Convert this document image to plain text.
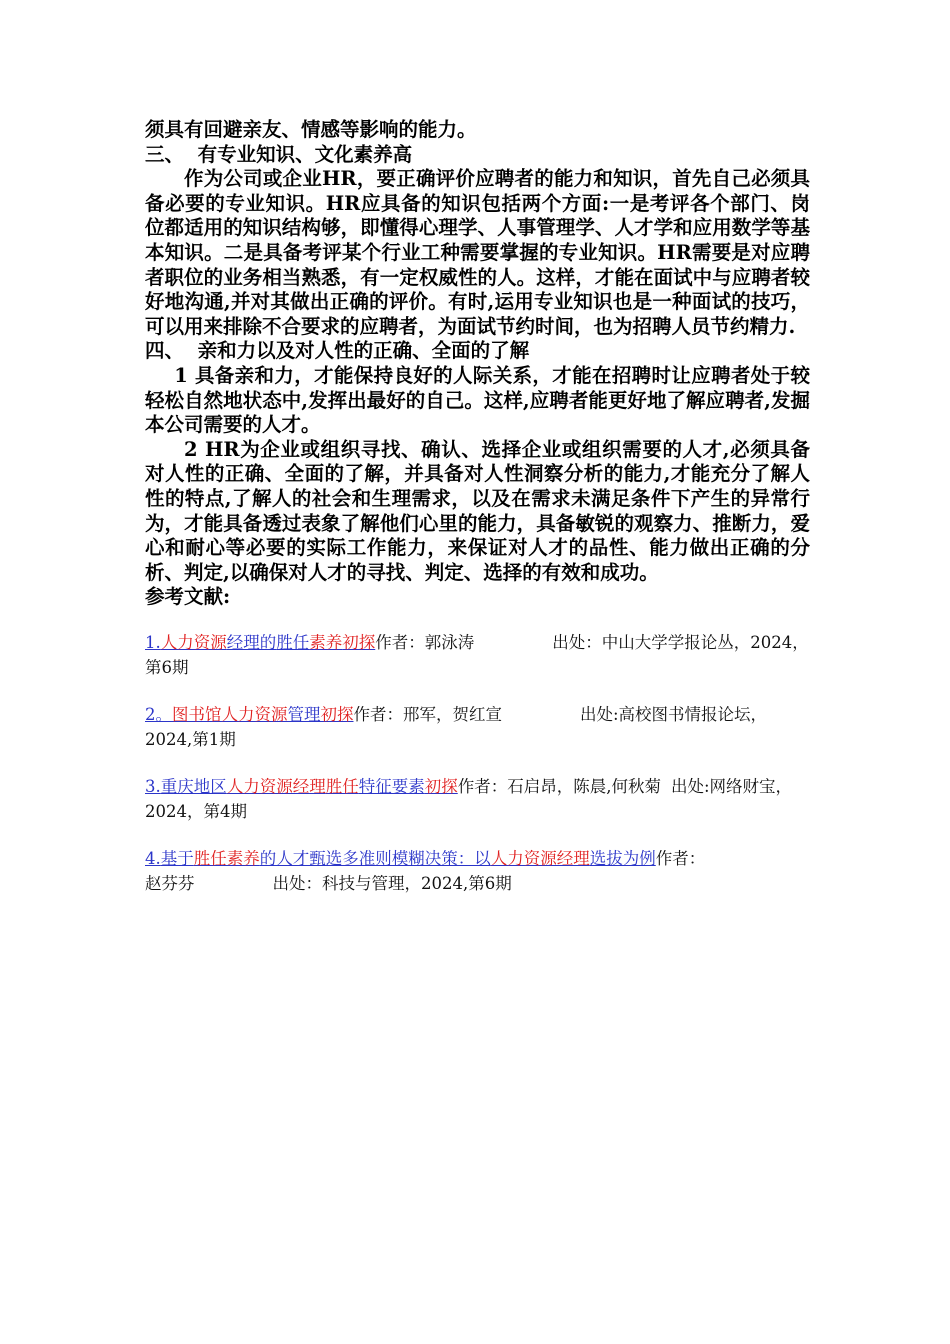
须具有回避亲友、情感等影响的能力。

三、  有专业知识、文化素养高

作为公司或企业HR，要正确评价应聘者的能力和知识，首先自己必须具备必要的专业知识。HR应具备的知识包括两个方面:一是考评各个部门、岗位都适用的知识结构够，即懂得心理学、人事管理学、人才学和应用数学等基本知识。二是具备考评某个行业工种需要掌握的专业知识。HR需要是对应聘者职位的业务相当熟悉，有一定权威性的人。这样，才能在面试中与应聘者较好地沟通,并对其做出正确的评价。有时,运用专业知识也是一种面试的技巧，可以用来排除不合要求的应聘者，为面试节约时间，也为招聘人员节约精力.

四、  亲和力以及对人性的正确、全面的了解

1 具备亲和力，才能保持良好的人际关系，才能在招聘时让应聘者处于较轻松自然地状态中,发挥出最好的自己。这样,应聘者能更好地了解应聘者,发掘本公司需要的人才。

2 HR为企业或组织寻找、确认、选择企业或组织需要的人才,必须具备对人性的正确、全面的了解，并具备对人性洞察分析的能力,才能充分了解人性的特点,了解人的社会和生理需求，以及在需求未满足条件下产生的异常行为，才能具备透过表象了解他们心里的能力，具备敏锐的观察力、推断力，爱心和耐心等必要的实际工作能力，来保证对人才的品性、能力做出正确的分析、判定,以确保对人才的寻找、判定、选择的有效和成功。

参考文献:

1.人力资源经理的胜任素养初探作者：郭泳涛	出处：中山大学学报论丛，2024，第6期
2。图书馆人力资源管理初探作者：邢军，贺红宣	出处:高校图书情报论坛，2024,第1期
3.重庆地区人力资源经理胜任特征要素初探作者：石启昂，陈晨,何秋菊 出处:网络财宝，2024，第4期
4.基于胜任素养的人才甄选多准则模糊决策：以人力资源经理选拔为例作者：
赵芬芬	出处：科技与管理，2024,第6期
